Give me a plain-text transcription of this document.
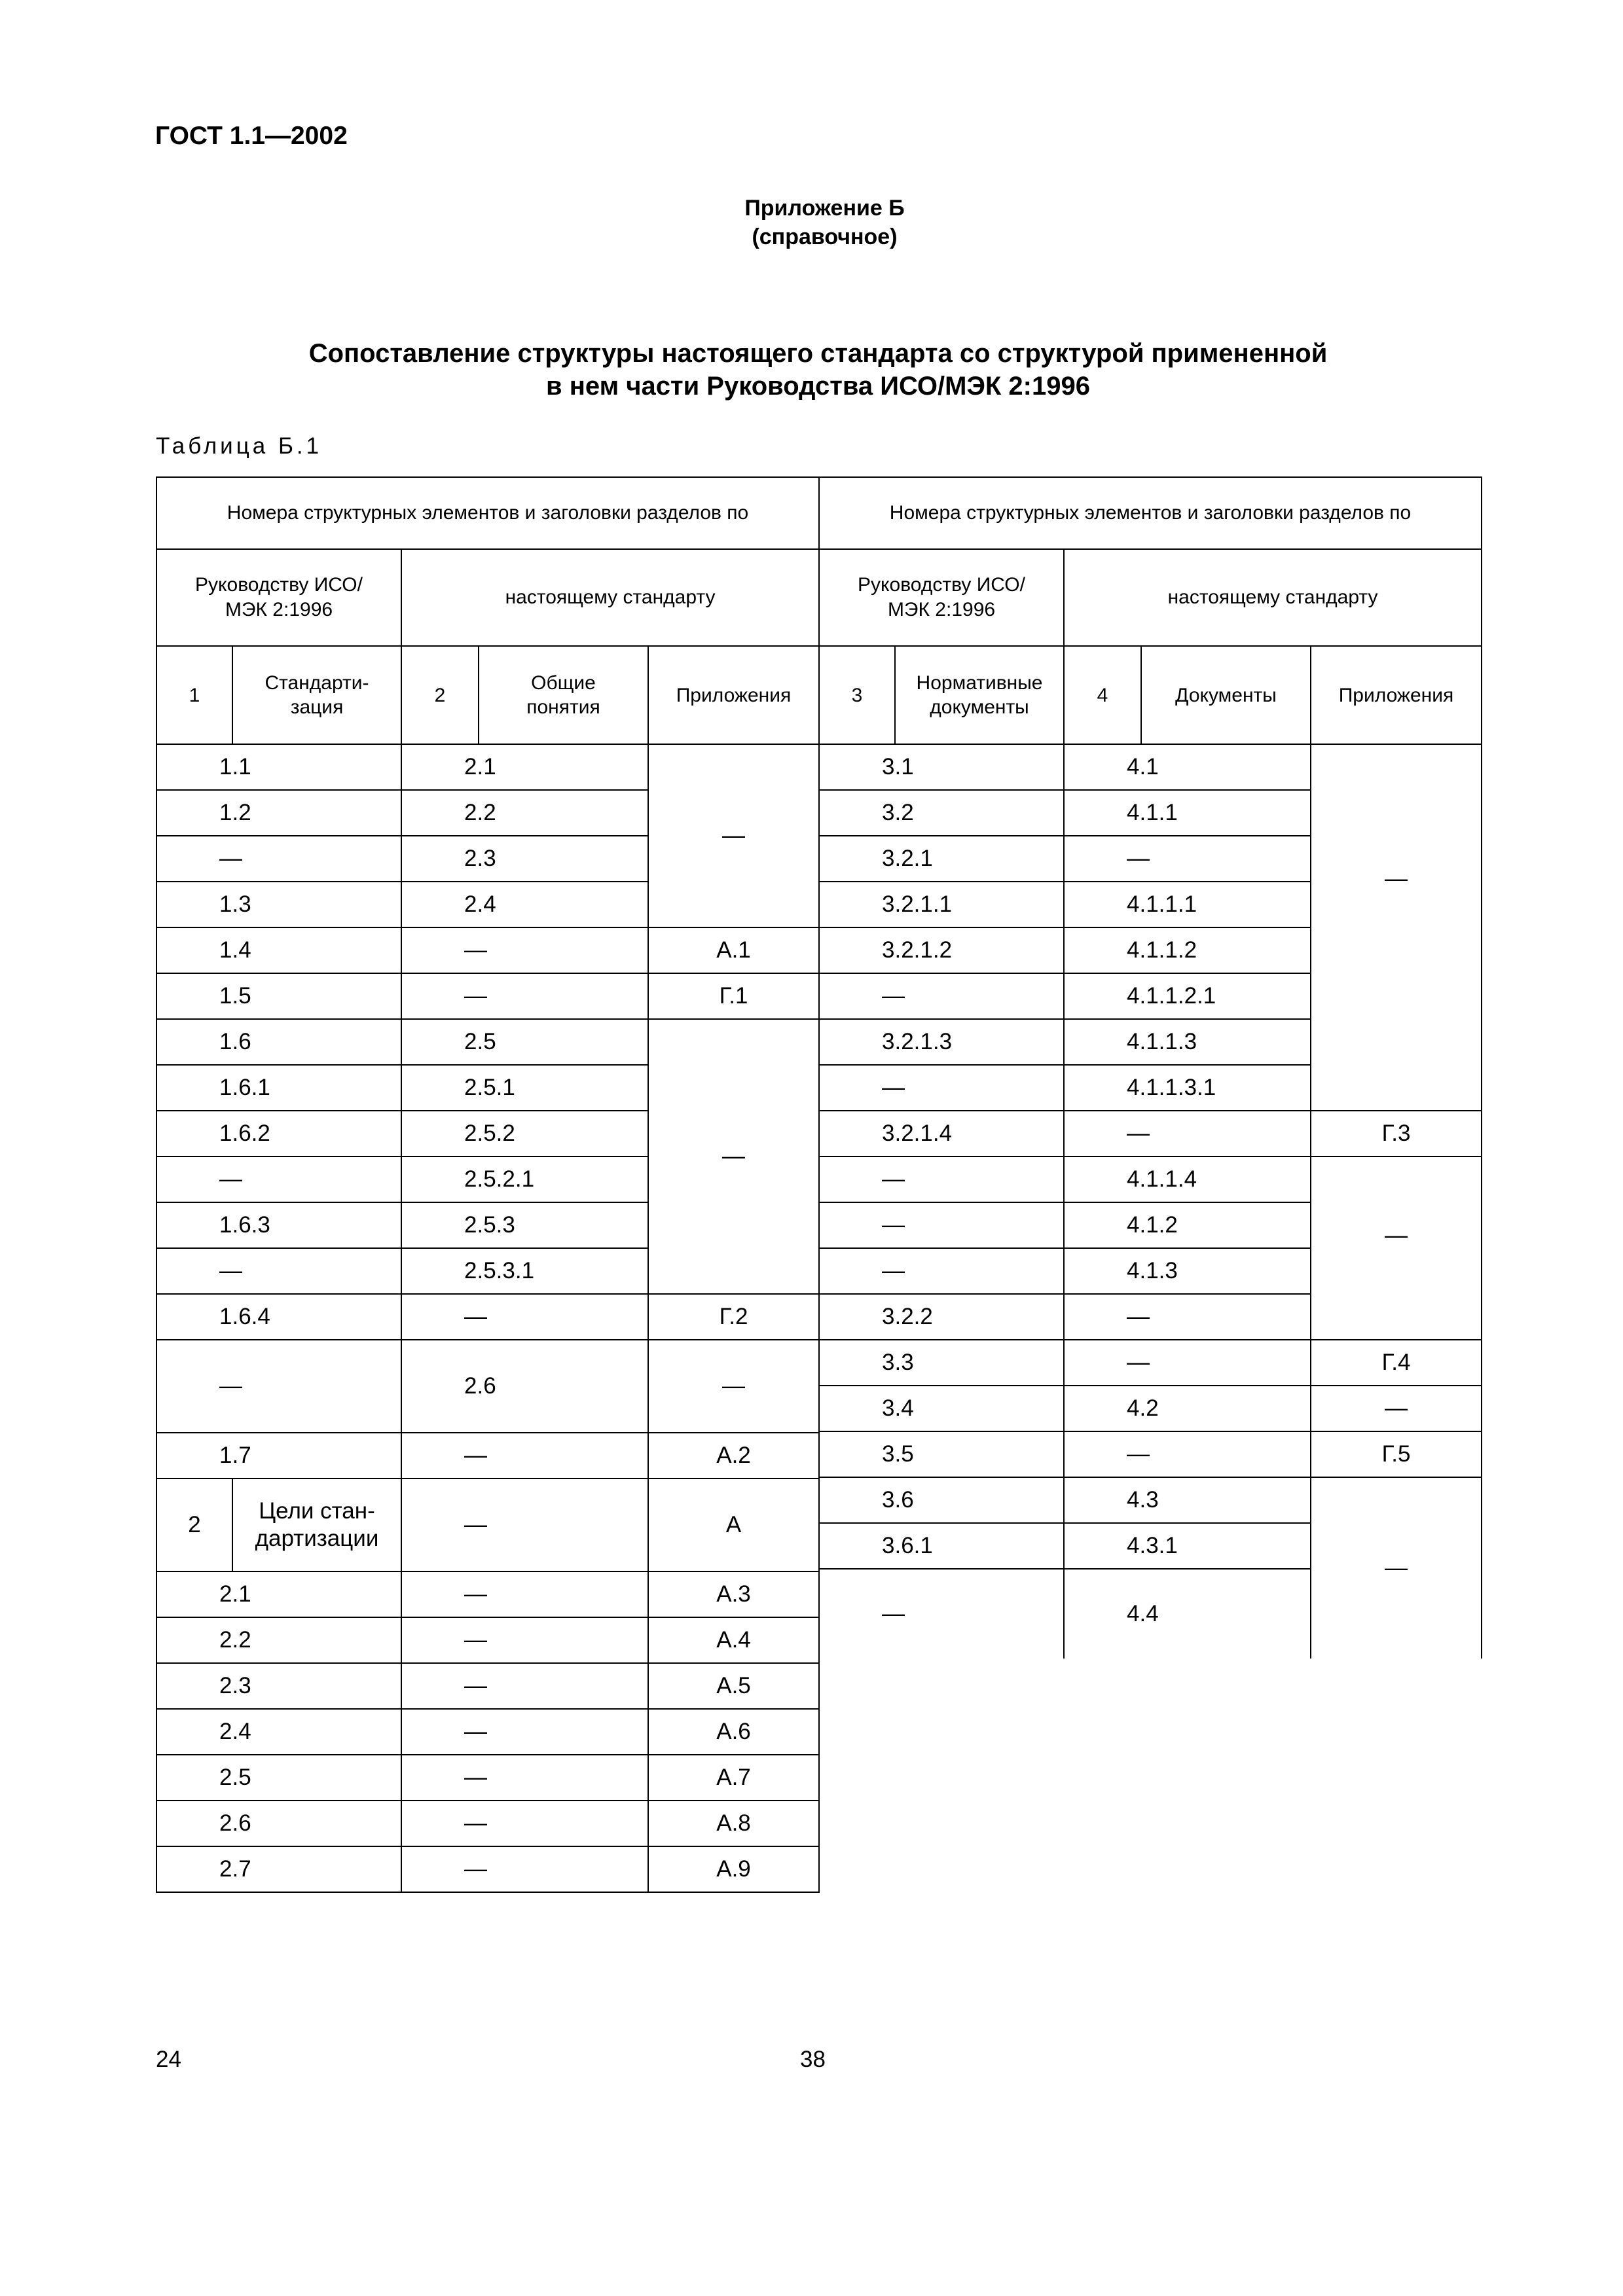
ГОСТ 1.1—2002
Приложение Б
(справочное)
Сопоставление структуры настоящего стандарта со структурой примененной
в нем части Руководства ИСО/МЭК 2:1996
Таблица Б.1
Номера структурных элементов и заголовки разделов по				

Руководству ИСО/МЭК 2:1996		настоящему стандарту		
1	Стандарти-зация	2	Общие понятия	Приложения
1.1		2.1		—
1.2		2.2		
—		2.3		
1.3		2.4		
1.4		—		А.1
1.5		—		Г.1
1.6		2.5		—
1.6.1		2.5.1		
1.6.2		2.5.2		
—		2.5.2.1		
1.6.3		2.5.3		
—		2.5.3.1		
1.6.4		—		Г.2
—		2.6		—
1.7		—		А.2
2	Цели стан-дартизации	—		А
2.1		—		А.3
2.2		—		А.4
2.3		—		А.5
2.4		—		А.6
2.5		—		А.7
2.6		—		А.8
2.7		—		А.9
Номера структурных элементов и заголовки разделов по				

Руководству ИСО/МЭК 2:1996		настоящему стандарту		
3	Нормативные документы	4	Документы	Приложения
3.1		4.1		—
3.2		4.1.1		
3.2.1		—		
3.2.1.1		4.1.1.1		
3.2.1.2		4.1.1.2		
—		4.1.1.2.1		
3.2.1.3		4.1.1.3		
—		4.1.1.3.1		
3.2.1.4		—		Г.3
—		4.1.1.4		—
—		4.1.2		
—		4.1.3		
3.2.2		—		
3.3		—		Г.4
3.4		4.2		—
3.5		—		Г.5
3.6		4.3		—
3.6.1		4.3.1		
—		4.4		
24	38
